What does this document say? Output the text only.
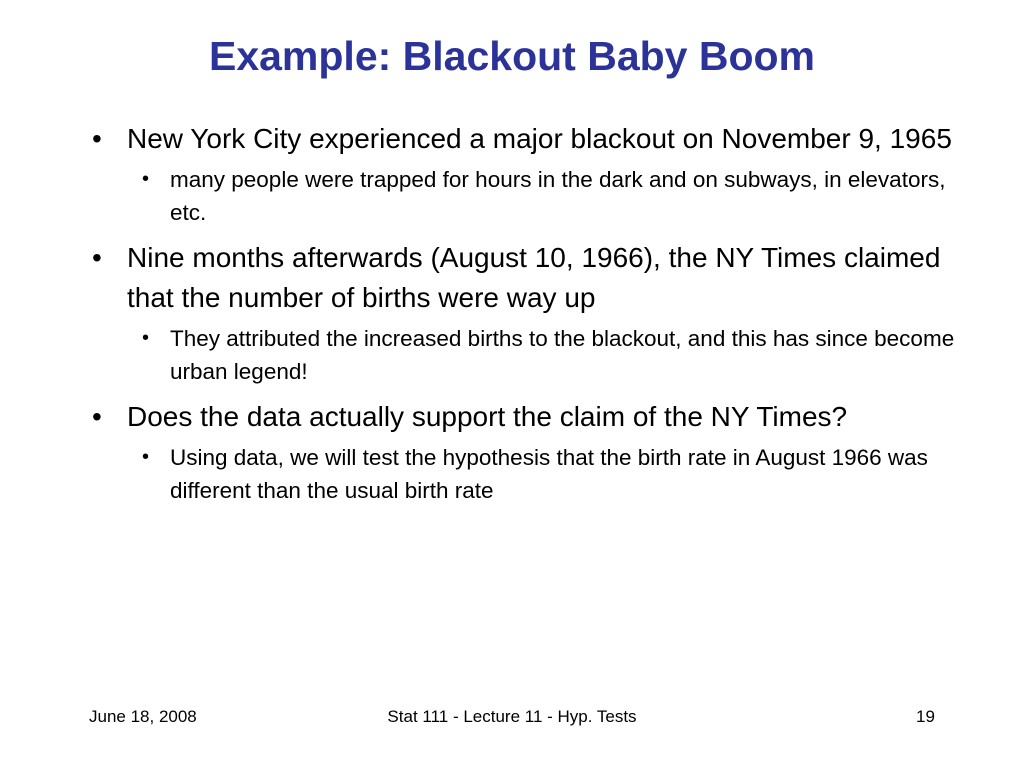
Example: Blackout Baby Boom
• New York City experienced a major blackout on November 9, 1965
• many people were trapped for hours in the dark and on subways, in elevators, etc.
• Nine months afterwards (August 10, 1966), the NY Times claimed that the number of births were way up
• They attributed the increased births to the blackout, and this has since become urban legend!
• Does the data actually support the claim of the NY Times?
• Using data, we will test the hypothesis that the birth rate in August 1966 was different than the usual birth rate
June 18, 2008	Stat 111 - Lecture 11 - Hyp. Tests	19
